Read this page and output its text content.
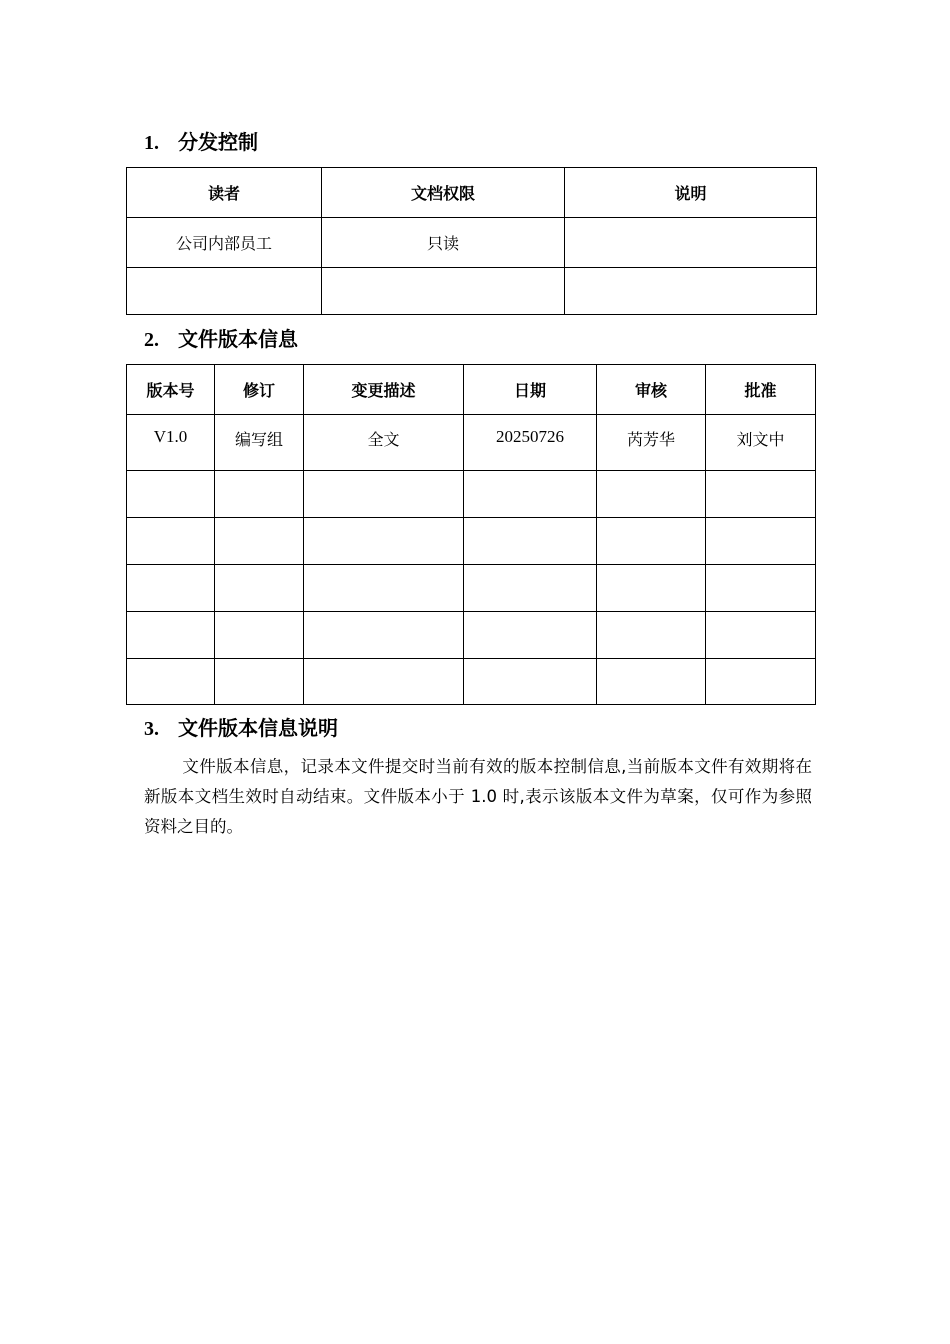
1. 分发控制
读者	文档权限	说明
公司内部员工	只读	

2. 文件版本信息
版本号	修订	变更描述	日期	审核	批准
V1.0	编写组	全文	20250726	芮芳华	刘文中

3. 文件版本信息说明
文件版本信息，记录本文件提交时当前有效的版本控制信息,当前版本文件有效期将在新版本文档生效时自动结束。文件版本小于 1.0 时,表示该版本文件为草案，仅可作为参照资料之目的。
